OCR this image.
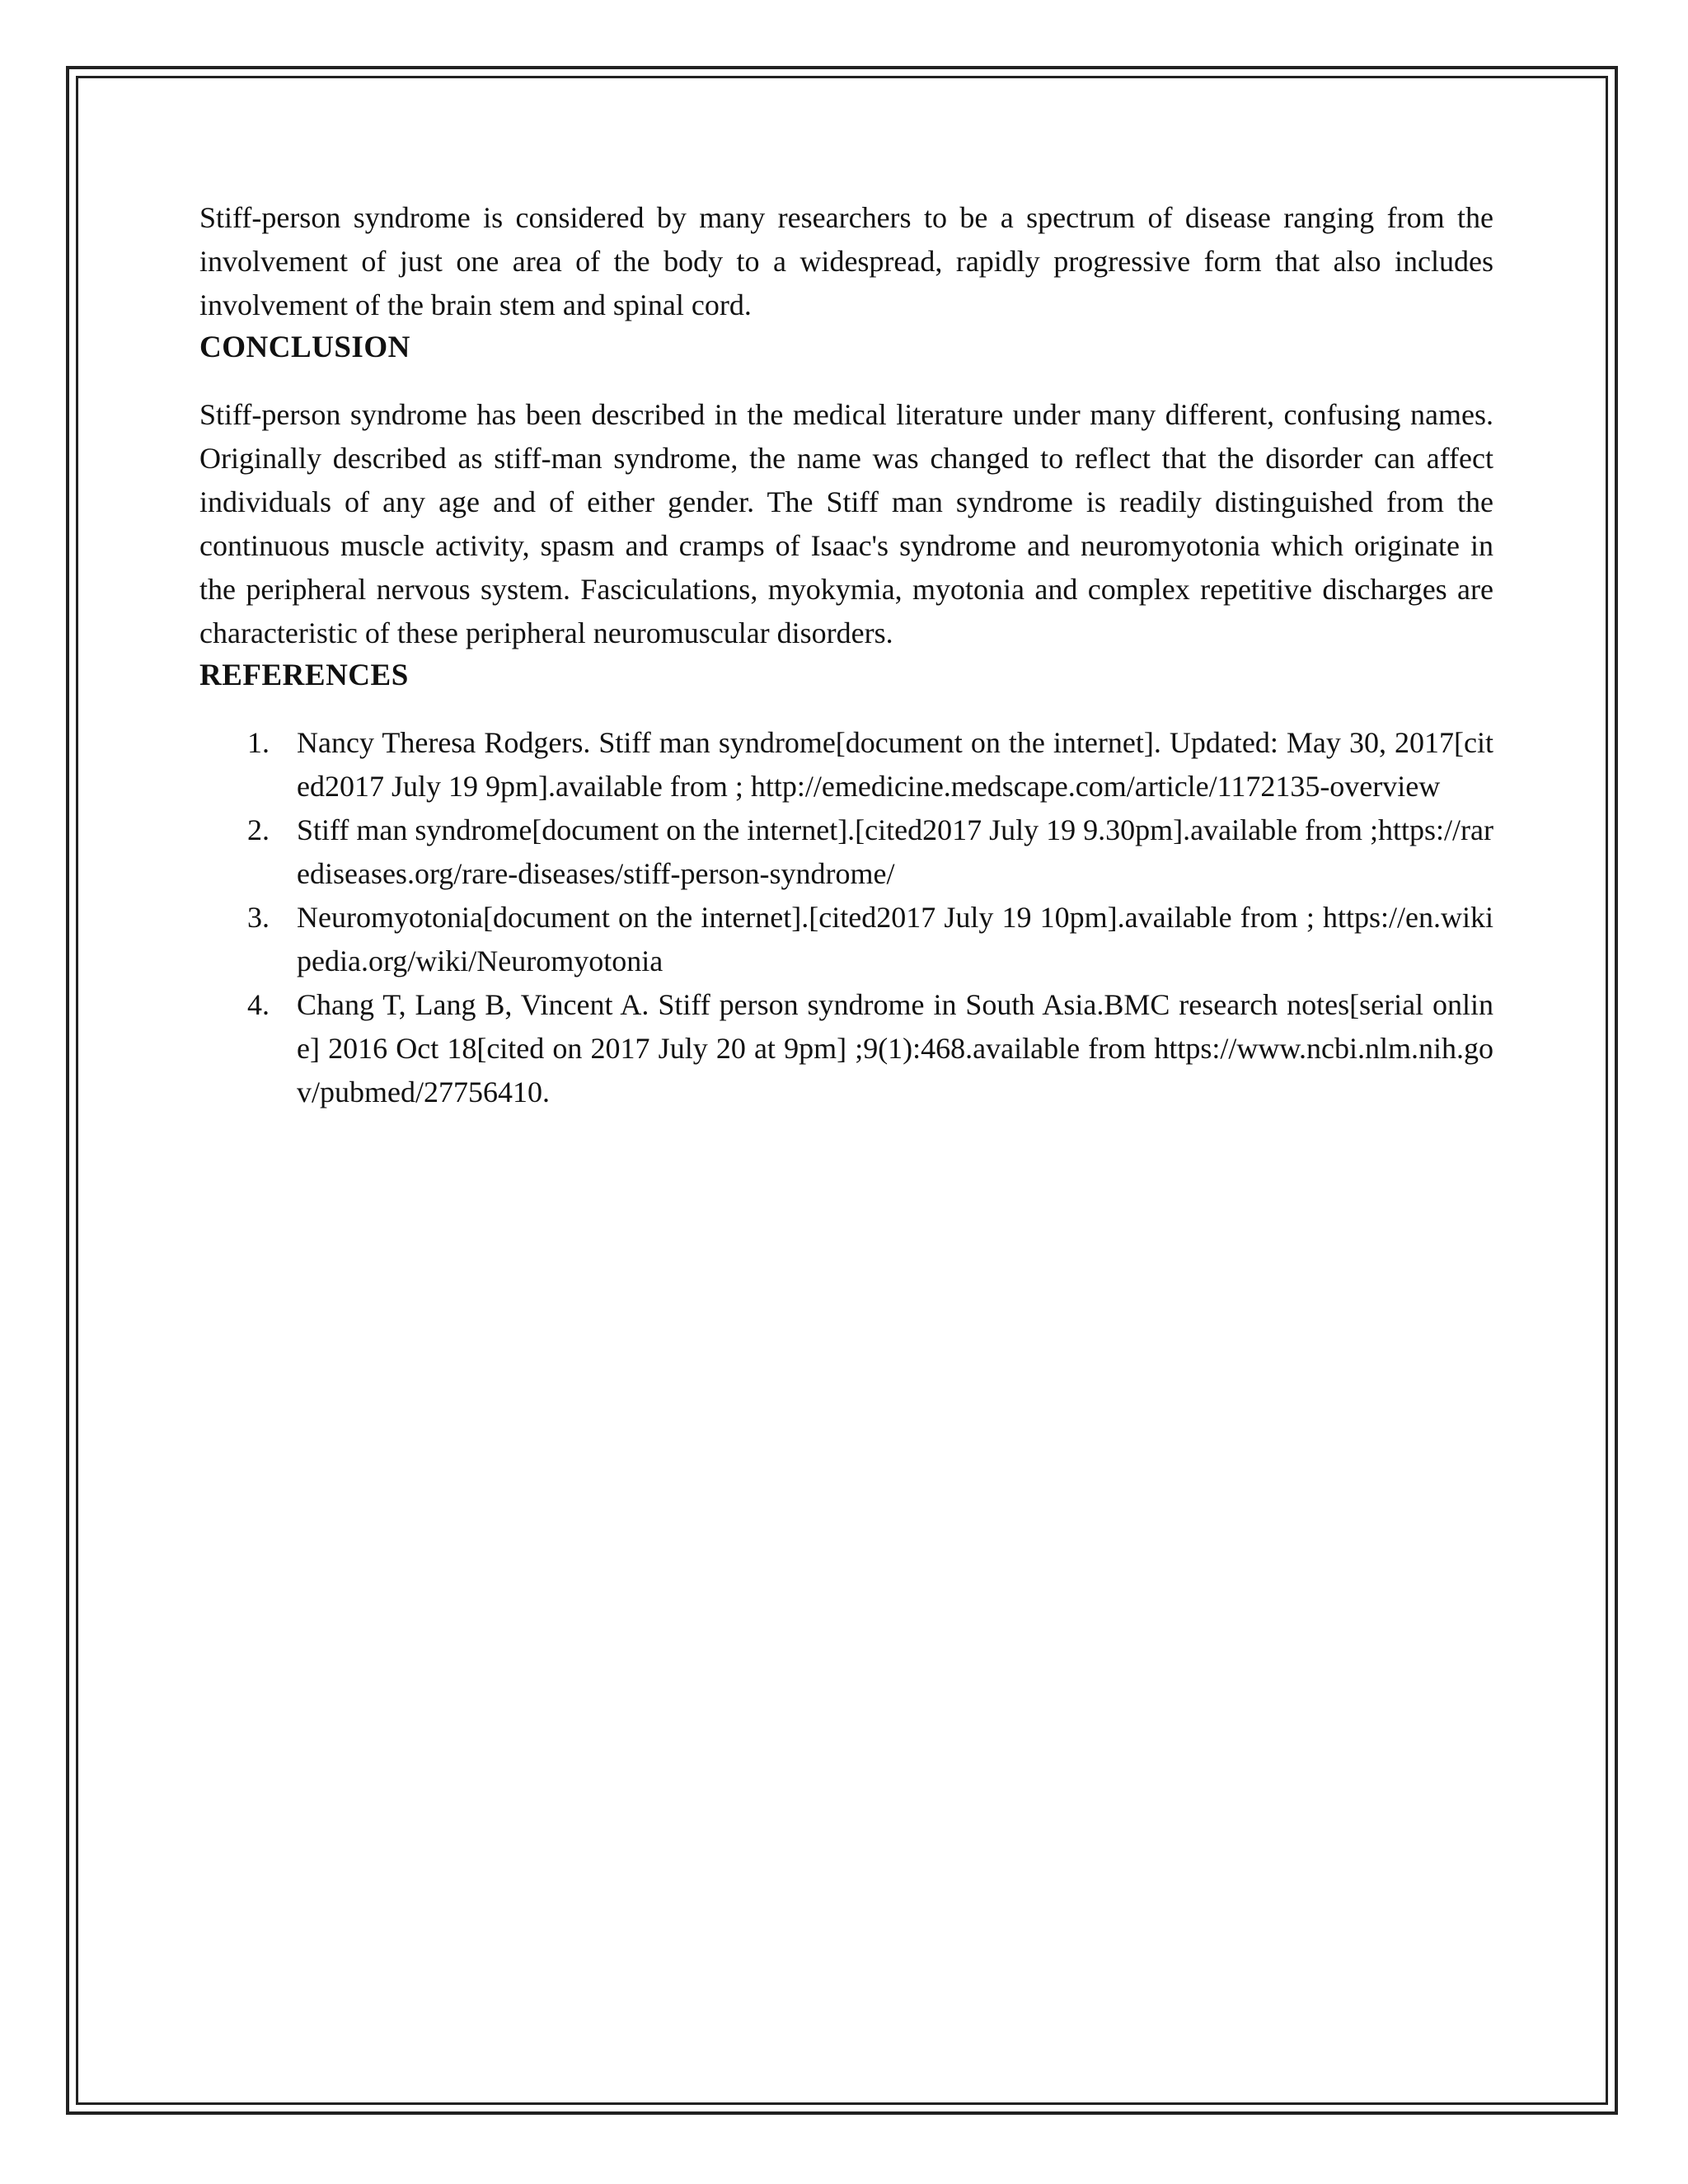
Stiff-person syndrome is considered by many researchers to be a spectrum of disease ranging from the involvement of just one area of the body to a widespread, rapidly progressive form that also includes involvement of the brain stem and spinal cord.

CONCLUSION

Stiff-person syndrome has been described in the medical literature under many different, confusing names. Originally described as stiff-man syndrome, the name was changed to reflect that the disorder can affect individuals of any age and of either gender. The Stiff man syndrome is readily distinguished from the continuous muscle activity, spasm and cramps of Isaac's syndrome and neuromyotonia which originate in the peripheral nervous system. Fasciculations, myokymia, myotonia and complex repetitive discharges are characteristic of these peripheral neuromuscular disorders.

REFERENCES
1. Nancy Theresa Rodgers. Stiff man syndrome[document on the internet]. Updated: May 30, 2017[cited2017 July 19 9pm].available from ; http://emedicine.medscape.com/article/1172135-overview
2. Stiff man syndrome[document on the internet].[cited2017 July 19 9.30pm].available from ;https://rarediseases.org/rare-diseases/stiff-person-syndrome/
3. Neuromyotonia[document on the internet].[cited2017 July 19 10pm].available from ; https://en.wikipedia.org/wiki/Neuromyotonia
4. Chang T, Lang B, Vincent A. Stiff person syndrome in South Asia.BMC research notes[serial online] 2016 Oct 18[cited on 2017 July 20 at 9pm] ;9(1):468.available from https://www.ncbi.nlm.nih.gov/pubmed/27756410.
